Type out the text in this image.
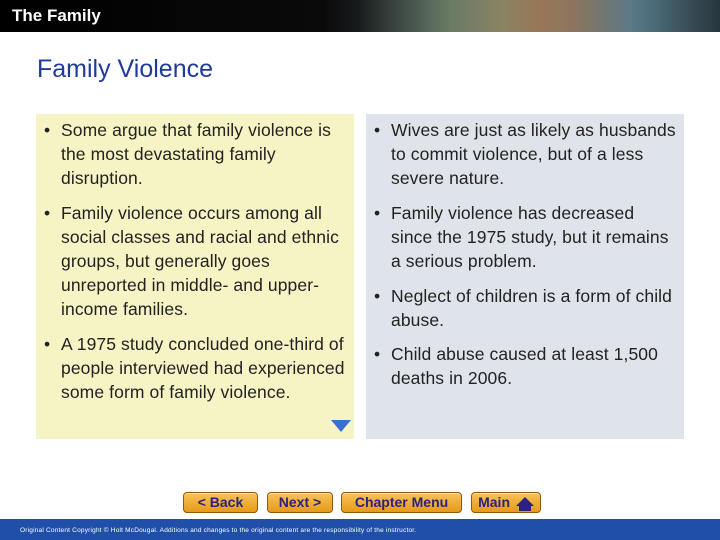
The Family
Family Violence
• Some argue that family violence is the most devastating family disruption.
• Family violence occurs among all social classes and racial and ethnic groups, but generally goes unreported in middle- and upper-income families.
• A 1975 study concluded one-third of people interviewed had experienced some form of family violence.
• Wives are just as likely as husbands to commit violence, but of a less severe nature.
• Family violence has decreased since the 1975 study, but it remains a serious problem.
• Neglect of children is a form of child abuse.
• Child abuse caused at least 1,500 deaths in 2006.
< Back	Next >	Chapter Menu	Main
Original Content Copyright © Holt McDougal. Additions and changes to the original content are the responsibility of the instructor.
